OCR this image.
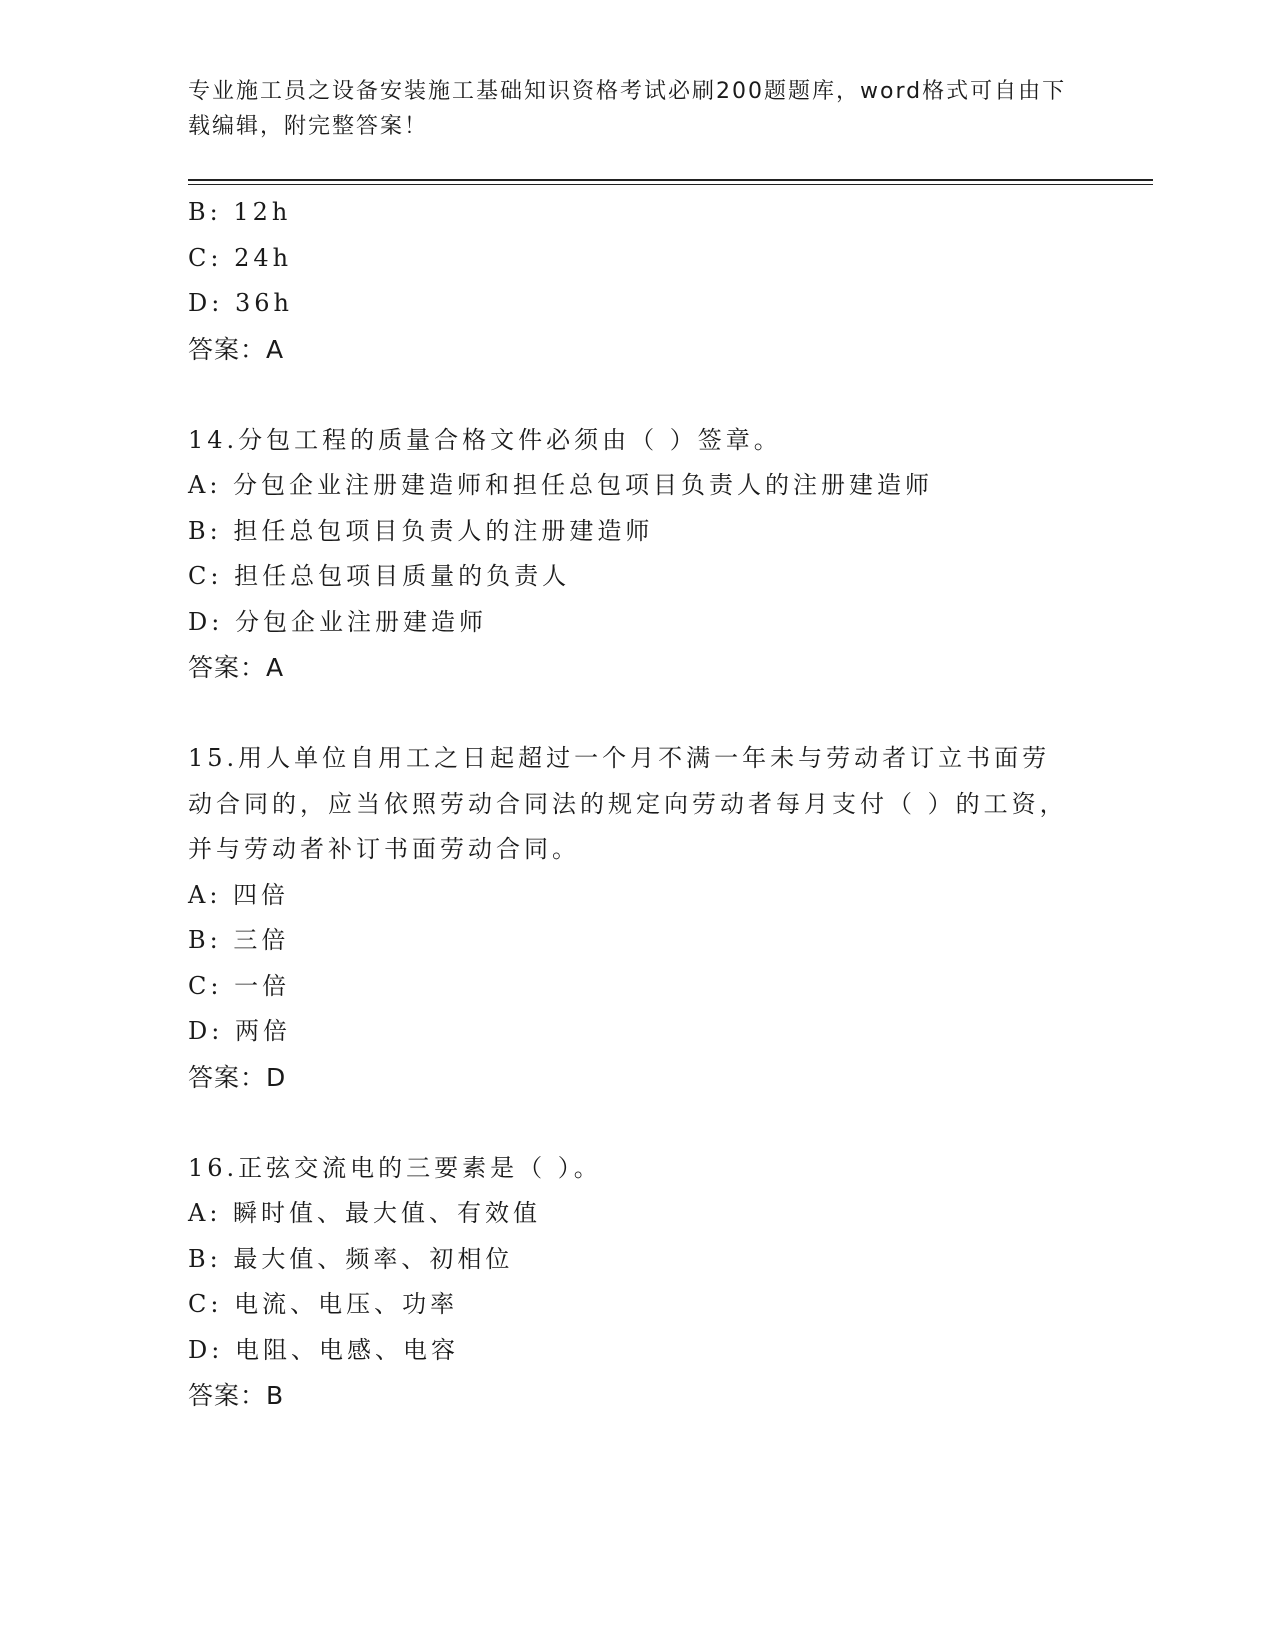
专业施工员之设备安装施工基础知识资格考试必刷200题题库，word格式可自由下载编辑，附完整答案！
B: 12h
C: 24h
D: 36h
答案：A
14.分包工程的质量合格文件必须由（ ）签章。
A: 分包企业注册建造师和担任总包项目负责人的注册建造师
B: 担任总包项目负责人的注册建造师
C: 担任总包项目质量的负责人
D: 分包企业注册建造师
答案：A
15.用人单位自用工之日起超过一个月不满一年未与劳动者订立书面劳动合同的，应当依照劳动合同法的规定向劳动者每月支付（ ）的工资，并与劳动者补订书面劳动合同。
A: 四倍
B: 三倍
C: 一倍
D: 两倍
答案：D
16.正弦交流电的三要素是（ ）。
A: 瞬时值、最大值、有效值
B: 最大值、频率、初相位
C: 电流、电压、功率
D: 电阻、电感、电容
答案：B
